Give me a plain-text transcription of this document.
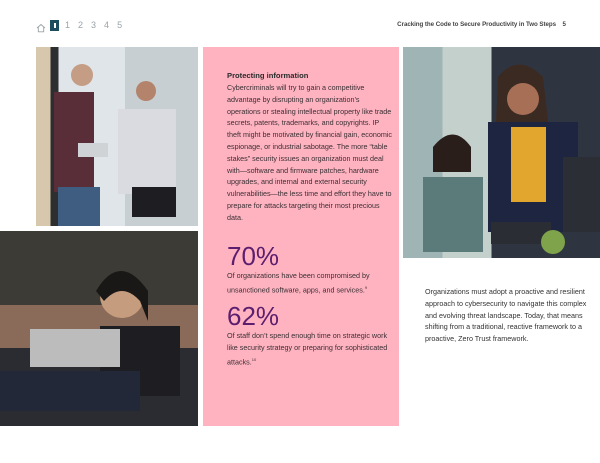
1 2 3 4 5	Cracking the Code to Secure Productivity in Two Steps 5
Protecting information
Cybercriminals will try to gain a competitive advantage by disrupting an organization’s operations or stealing intellectual property like trade secrets, patents, trademarks, and copyrights. IP theft might be motivated by financial gain, economic espionage, or industrial sabotage. The more “table stakes” security issues an organization must deal with—software and firmware patches, hardware upgrades, and internal and external security vulnerabilities—the less time and effort they have to prepare for attacks targeting their most precious data.
70%
Of organizations have been compromised by unsanctioned software, apps, and services.$^9$
62%
Of staff don’t spend enough time on strategic work like security strategy or preparing for sophisticated attacks.$^{10}$
Organizations must adopt a proactive and resilient approach to cybersecurity to navigate this complex and evolving threat landscape. Today, that means shifting from a traditional, reactive framework to a proactive, Zero Trust framework.
